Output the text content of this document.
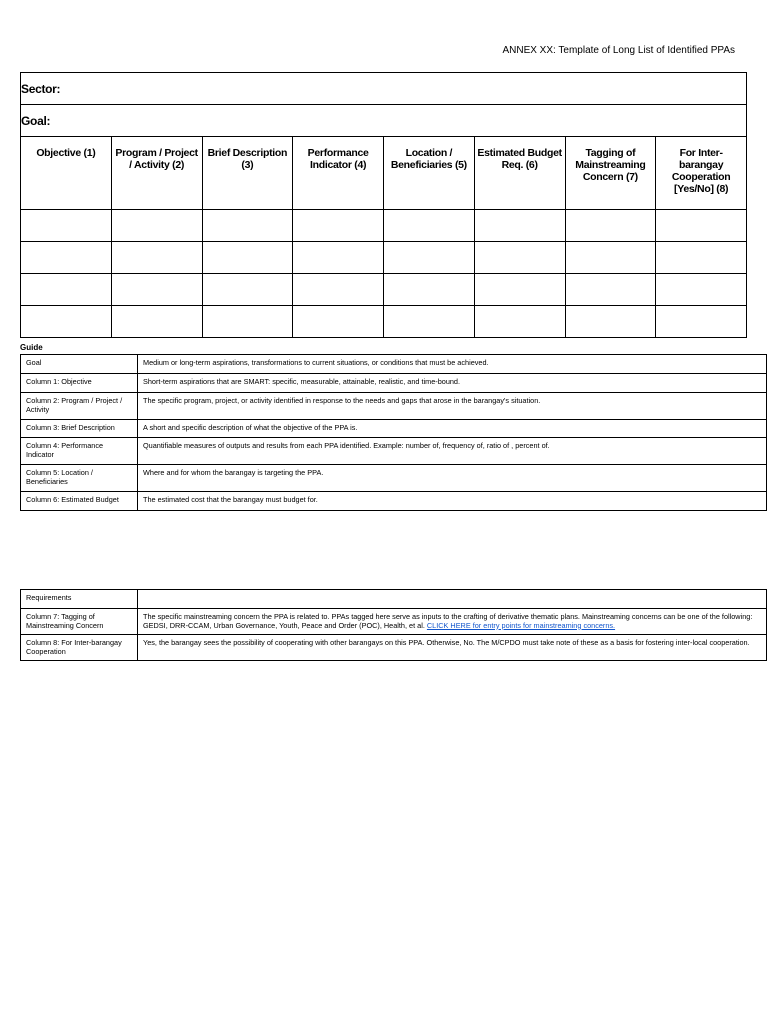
ANNEX XX: Template of Long List of Identified PPAs
Sector:							
Goal:							
Objective (1)	Program / Project / Activity (2)	Brief Description (3)	Performance Indicator (4)	Location / Beneficiaries (5)	Estimated Budget Req. (6)	Tagging of Mainstreaming Concern (7)	For Inter-barangay Cooperation [Yes/No] (8)

Guide
Goal	Medium or long-term aspirations, transformations to current situations, or conditions that must be achieved.
Column 1: Objective	Short-term aspirations that are SMART: specific, measurable, attainable, realistic, and time-bound.
Column 2: Program / Project / Activity	The specific program, project, or activity identified in response to the needs and gaps that arose in the barangay's situation.
Column 3: Brief Description	A short and specific description of what the objective of the PPA is.
Column 4: Performance Indicator	Quantifiable measures of outputs and results from each PPA identified. Example: number of, frequency of, ratio of , percent of.
Column 5: Location / Beneficiaries	Where and for whom the barangay is targeting the PPA.
Column 6: Estimated Budget	The estimated cost that the barangay must budget for.
Requirements	
Column 7: Tagging of Mainstreaming Concern	The specific mainstreaming concern the PPA is related to. PPAs tagged here serve as inputs to the crafting of derivative thematic plans. Mainstreaming concerns can be one of the following: GEDSI, DRR-CCAM, Urban Governance, Youth, Peace and Order (POC), Health, et al. CLICK HERE for entry points for mainstreaming concerns.
Column 8: For Inter-barangay Cooperation	Yes, the barangay sees the possibility of cooperating with other barangays on this PPA. Otherwise, No. The M/CPDO must take note of these as a basis for fostering inter-local cooperation.
